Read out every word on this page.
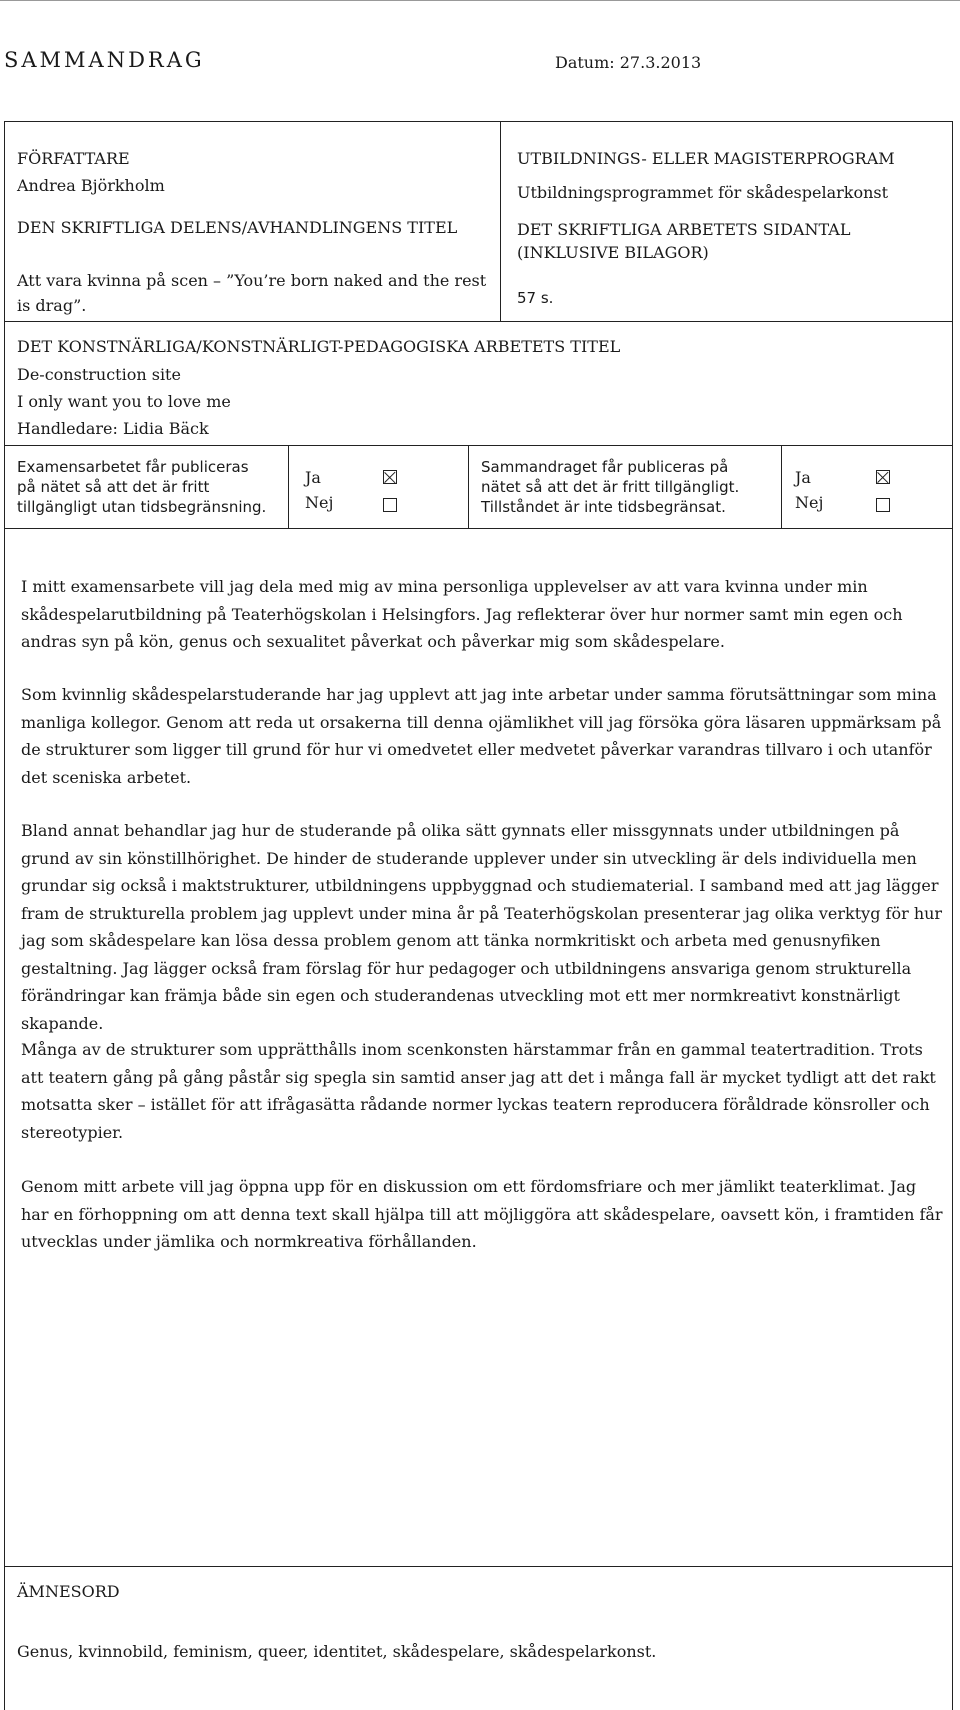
SAMMANDRAG	Datum: 27.3.2013
FÖRFATTARE
Andrea Björkholm
DEN SKRIFTLIGA DELENS/AVHANDLINGENS TITEL
Att vara kvinna på scen – ”You’re born naked and the rest
is drag”.
UTBILDNINGS- ELLER MAGISTERPROGRAM
Utbildningsprogrammet för skådespelarkonst
DET SKRIFTLIGA ARBETETS SIDANTAL
(INKLUSIVE BILAGOR)
57 s.
DET KONSTNÄRLIGA/KONSTNÄRLIGT-PEDAGOGISKA ARBETETS TITEL
De-construction site
I only want you to love me
Handledare: Lidia Bäck
Examensarbetet får publiceras
på nätet så att det är fritt
tillgängligt utan tidsbegränsning.
Ja
Nej
Sammandraget får publiceras på
nätet så att det är fritt tillgängligt.
Tillståndet är inte tidsbegränsat.
Ja
Nej
I mitt examensarbete vill jag dela med mig av mina personliga upplevelser av att vara kvinna under min skådespelarutbildning på Teaterhögskolan i Helsingfors. Jag reflekterar över hur normer samt min egen och andras syn på kön, genus och sexualitet påverkat och påverkar mig som skådespelare.
Som kvinnlig skådespelarstuderande har jag upplevt att jag inte arbetar under samma förutsättningar som mina manliga kollegor. Genom att reda ut orsakerna till denna ojämlikhet vill jag försöka göra läsaren uppmärksam på de strukturer som ligger till grund för hur vi omedvetet eller medvetet påverkar varandras tillvaro i och utanför det sceniska arbetet.
Bland annat behandlar jag hur de studerande på olika sätt gynnats eller missgynnats under utbildningen på grund av sin könstillhörighet. De hinder de studerande upplever under sin utveckling är dels individuella men grundar sig också i maktstrukturer, utbildningens uppbyggnad och studiematerial. I samband med att jag lägger fram de strukturella problem jag upplevt under mina år på Teaterhögskolan presenterar jag olika verktyg för hur jag som skådespelare kan lösa dessa problem genom att tänka normkritiskt och arbeta med genusnyfiken gestaltning. Jag lägger också fram förslag för hur pedagoger och utbildningens ansvariga genom strukturella förändringar kan främja både sin egen och studerandenas utveckling mot ett mer normkreativt konstnärligt skapande.
Många av de strukturer som upprätthålls inom scenkonsten härstammar från en gammal teatertradition. Trots att teatern gång på gång påstår sig spegla sin samtid anser jag att det i många fall är mycket tydligt att det rakt motsatta sker – istället för att ifrågasätta rådande normer lyckas teatern reproducera föråldrade könsroller och stereotypier.
Genom mitt arbete vill jag öppna upp för en diskussion om ett fördomsfriare och mer jämlikt teaterklimat. Jag har en förhoppning om att denna text skall hjälpa till att möjliggöra att skådespelare, oavsett kön, i framtiden får utvecklas under jämlika och normkreativa förhållanden.
ÄMNESORD
Genus, kvinnobild, feminism, queer, identitet, skådespelare, skådespelarkonst.
